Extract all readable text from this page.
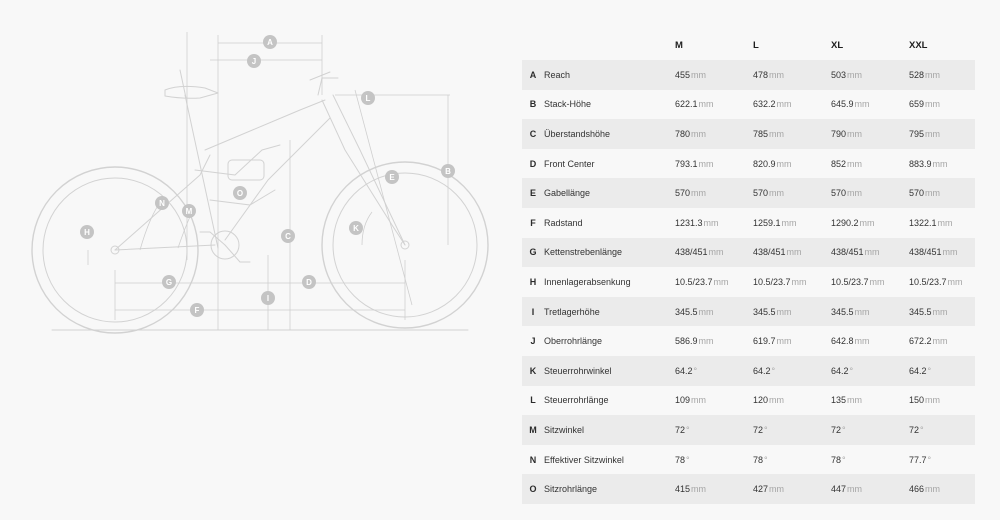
A
B
C
D
E
F
G
H
I
J
K
L
M
N
O
		M	L	XL	XXL
A	Reach	455mm	478mm	503mm	528mm
B	Stack-Höhe	622.1mm	632.2mm	645.9mm	659mm
C	Überstandshöhe	780mm	785mm	790mm	795mm
D	Front Center	793.1mm	820.9mm	852mm	883.9mm
E	Gabellänge	570mm	570mm	570mm	570mm
F	Radstand	1231.3mm	1259.1mm	1290.2mm	1322.1mm
G	Kettenstrebenlänge	438/451mm	438/451mm	438/451mm	438/451mm
H	Innenlagerabsenkung	10.5/23.7mm	10.5/23.7mm	10.5/23.7mm	10.5/23.7mm
I	Tretlagerhöhe	345.5mm	345.5mm	345.5mm	345.5mm
J	Oberrohrlänge	586.9mm	619.7mm	642.8mm	672.2mm
K	Steuerrohrwinkel	64.2°	64.2°	64.2°	64.2°
L	Steuerrohrlänge	109mm	120mm	135mm	150mm
M	Sitzwinkel	72°	72°	72°	72°
N	Effektiver Sitzwinkel	78°	78°	78°	77.7°
O	Sitzrohrlänge	415mm	427mm	447mm	466mm
